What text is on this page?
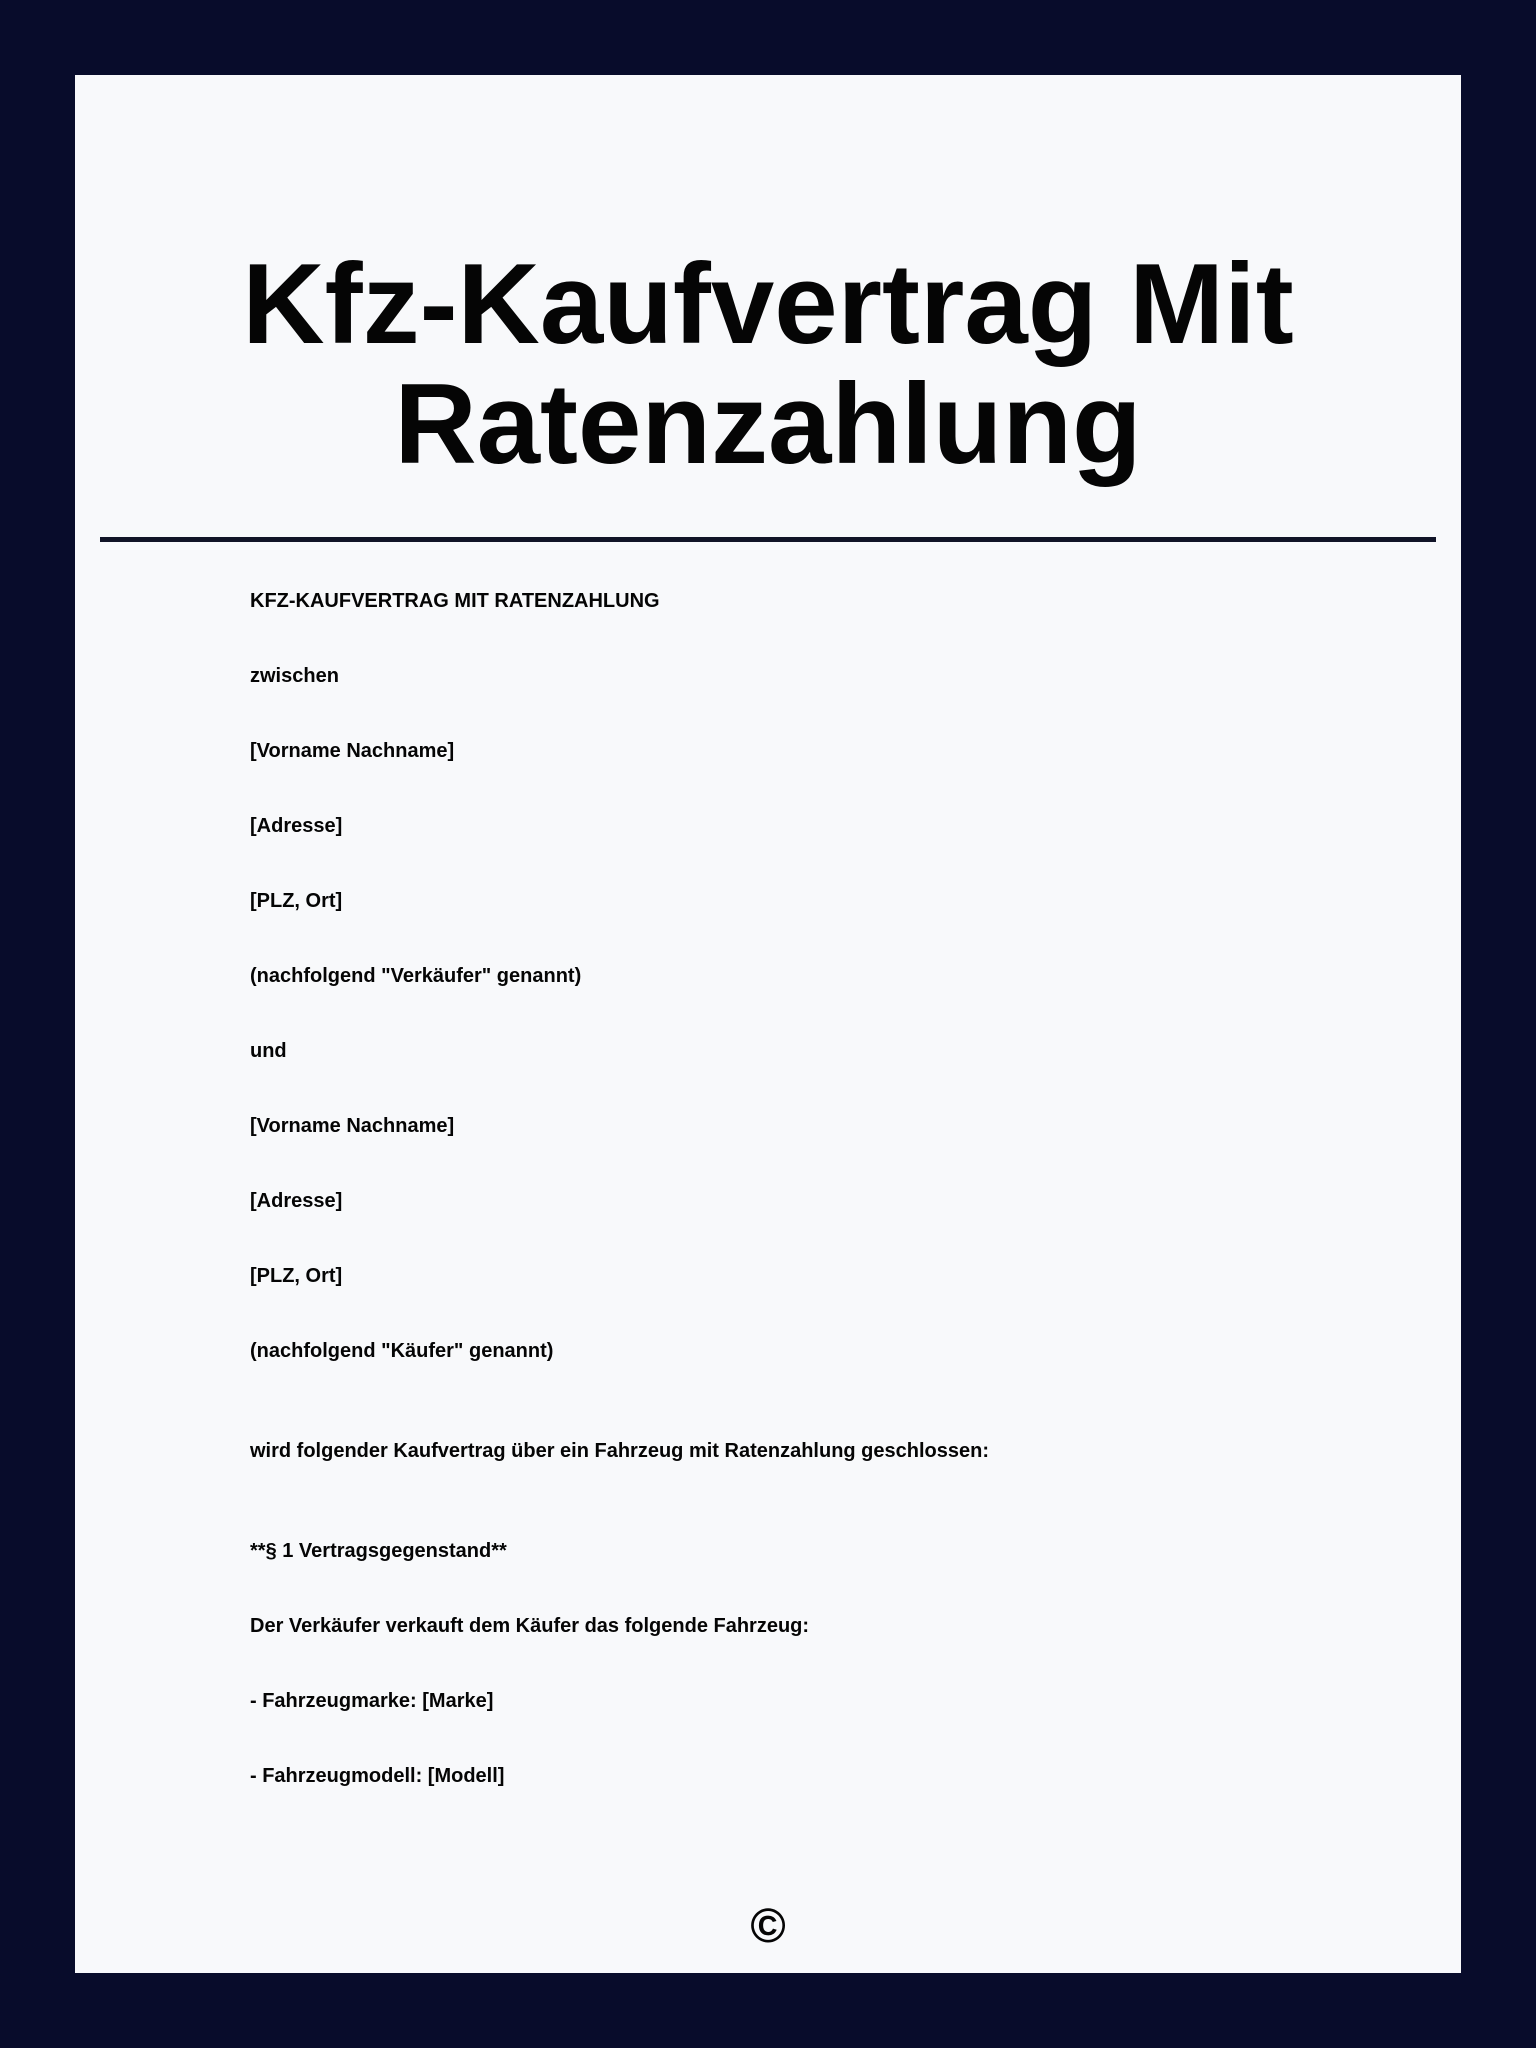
Kfz-Kaufvertrag Mit
Ratenzahlung
KFZ-KAUFVERTRAG MIT RATENZAHLUNG
zwischen
[Vorname Nachname]
[Adresse]
[PLZ, Ort]
(nachfolgend "Verkäufer" genannt)
und
[Vorname Nachname]
[Adresse]
[PLZ, Ort]
(nachfolgend "Käufer" genannt)
wird folgender Kaufvertrag über ein Fahrzeug mit Ratenzahlung geschlossen:
**§ 1 Vertragsgegenstand**
Der Verkäufer verkauft dem Käufer das folgende Fahrzeug:
- Fahrzeugmarke: [Marke]
- Fahrzeugmodell: [Modell]
©
